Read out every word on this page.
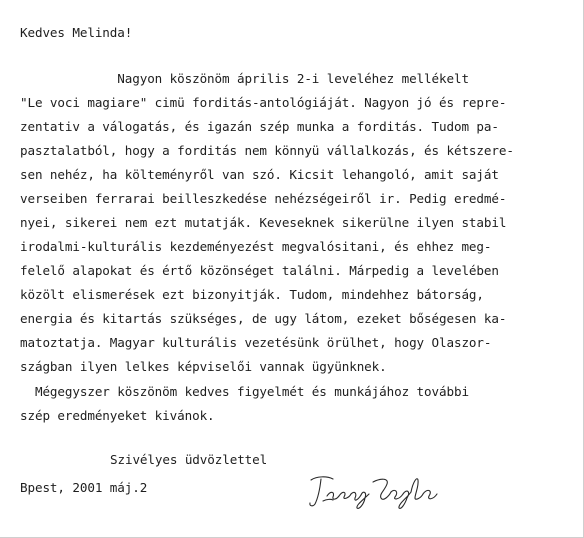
Kedves Melinda!
Nagyon köszönöm április 2-i leveléhez mellékelt
"Le voci magiare" cimü forditás-antológiáját. Nagyon jó és repre-
zentativ a válogatás, és igazán szép munka a forditás. Tudom pa-
pasztalatból, hogy a forditás nem könnyü vállalkozás, és kétszere-
sen nehéz, ha költeményről van szó. Kicsit lehangoló, amit saját
verseiben ferrarai beilleszkedése nehézségeiről ir. Pedig eredmé-
nyei, sikerei nem ezt mutatják. Keveseknek sikerülne ilyen stabil
irodalmi-kulturális kezdeményezést megvalósitani, és ehhez meg-
felelő alapokat és értő közönséget találni. Márpedig a levelében
közölt elismerések ezt bizonyitják. Tudom, mindehhez bátorság,
energia és kitartás szükséges, de ugy látom, ezeket bőségesen ka-
matoztatja. Magyar kulturális vezetésünk örülhet, hogy Olaszor-
szágban ilyen lelkes képviselői vannak ügyünknek.
Mégegyszer köszönöm kedves figyelmét és munkájához további
szép eredményeket kivánok.
Szivélyes üdvözlettel
Bpest, 2001 máj.2
